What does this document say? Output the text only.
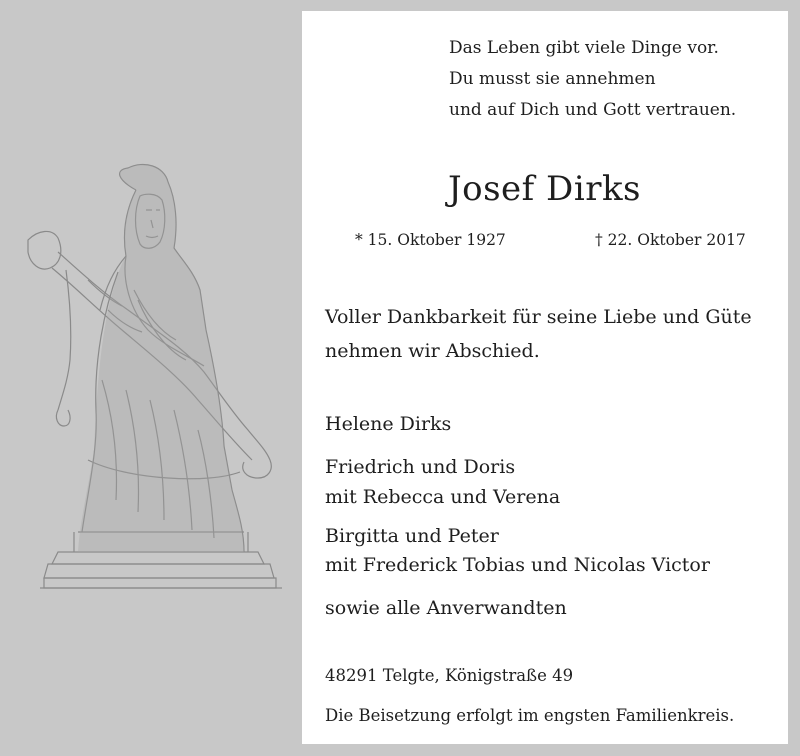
Das Leben gibt viele Dinge vor.
Du musst sie annehmen
und auf Dich und Gott vertrauen.
Josef Dirks
* 15. Oktober 1927	† 22. Oktober 2017
Voller Dankbarkeit für seine Liebe und Güte
nehmen wir Abschied.
Helene Dirks
Friedrich und Doris
mit Rebecca und Verena
Birgitta und Peter
mit Frederick Tobias und Nicolas Victor
sowie alle Anverwandten
48291 Telgte, Königstraße 49
Die Beisetzung erfolgt im engsten Familienkreis.
